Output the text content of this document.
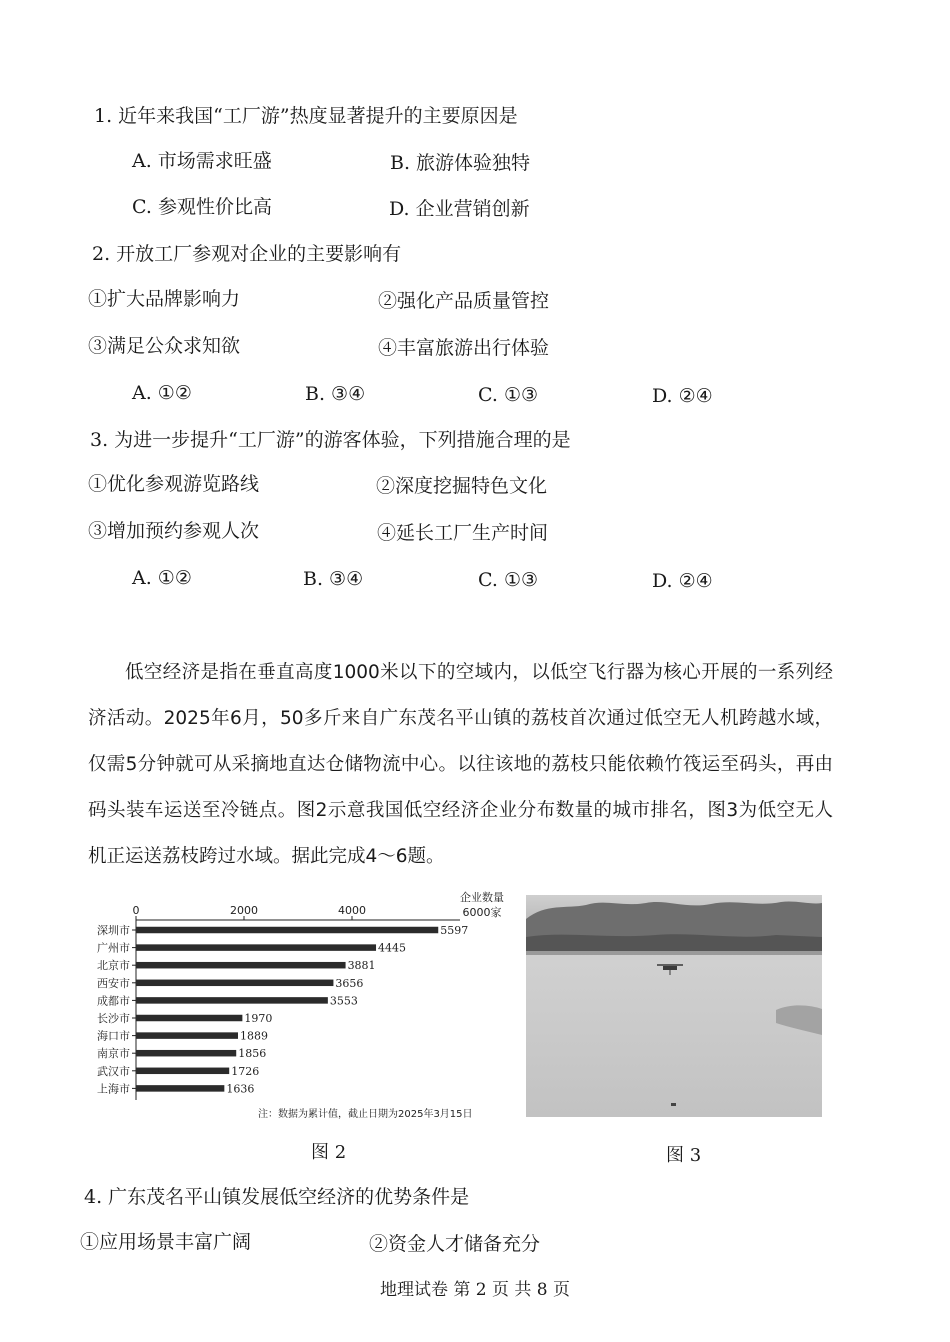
1. 近年来我国“工厂游”热度显著提升的主要原因是
A. 市场需求旺盛	B. 旅游体验独特
C. 参观性价比高	D. 企业营销创新
2. 开放工厂参观对企业的主要影响有
①扩大品牌影响力	②强化产品质量管控
③满足公众求知欲	④丰富旅游出行体验
A. ①②	B. ③④	C. ①③	D. ②④
3. 为进一步提升“工厂游”的游客体验，下列措施合理的是
①优化参观游览路线	②深度挖掘特色文化
③增加预约参观人次	④延长工厂生产时间
A. ①②	B. ③④	C. ①③	D. ②④

低空经济是指在垂直高度1000米以下的空域内，以低空飞行器为核心开展的一系列经济活动。2025年6月，50多斤来自广东茂名平山镇的荔枝首次通过低空无人机跨越水域，仅需5分钟就可从采摘地直达仓储物流中心。以往该地的荔枝只能依赖竹筏运至码头，再由码头装车运送至冷链点。图2示意我国低空经济企业分布数量的城市排名，图3为低空无人机正运送荔枝跨过水域。据此完成4～6题。

0	2000	4000
企业数量
6000家
深圳市	5597
广州市	4445
北京市	3881
西安市	3656
成都市	3553
长沙市	1970
海口市	1889
南京市	1856
武汉市	1726
上海市	1636
注：数据为累计值，截止日期为2025年3月15日
图 2	图 3
4. 广东茂名平山镇发展低空经济的优势条件是
①应用场景丰富广阔	②资金人才储备充分
地理试卷 第 2 页 共 8 页
